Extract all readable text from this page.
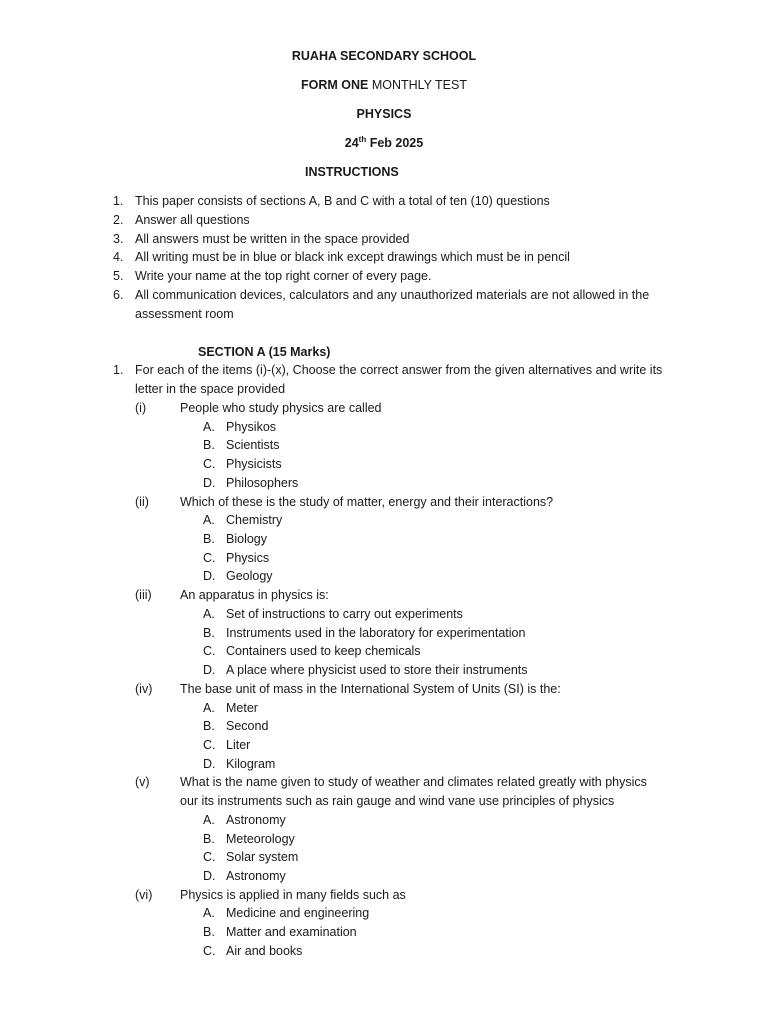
RUAHA SECONDARY SCHOOL
FORM ONE MONTHLY TEST
PHYSICS
24th Feb 2025
INSTRUCTIONS
1. This paper consists of sections A, B and C with a total of ten (10) questions
2. Answer all questions
3. All answers must be written in the space provided
4. All writing must be in blue or black ink except drawings which must be in pencil
5. Write your name at the top right corner of every page.
6. All communication devices, calculators and any unauthorized materials are not allowed in the
assessment room
SECTION A (15 Marks)
1. For each of the items (i)-(x), Choose the correct answer from the given alternatives and write its
letter in the space provided
(i)	People who study physics are called
A. Physikos
B. Scientists
C. Physicists
D. Philosophers
(ii) Which of these is the study of matter, energy and their interactions?
A. Chemistry
B. Biology
C. Physics
D. Geology
(iii) An apparatus in physics is:
A. Set of instructions to carry out experiments
B. Instruments used in the laboratory for experimentation
C. Containers used to keep chemicals
D. A place where physicist used to store their instruments
(iv) The base unit of mass in the International System of Units (SI) is the:
A. Meter
B. Second
C. Liter
D. Kilogram
(v) What is the name given to study of weather and climates related greatly with physics
our its instruments such as rain gauge and wind vane use principles of physics
A. Astronomy
B. Meteorology
C. Solar system
D. Astronomy
(vi) Physics is applied in many fields such as
A. Medicine and engineering
B. Matter and examination
C. Air and books
